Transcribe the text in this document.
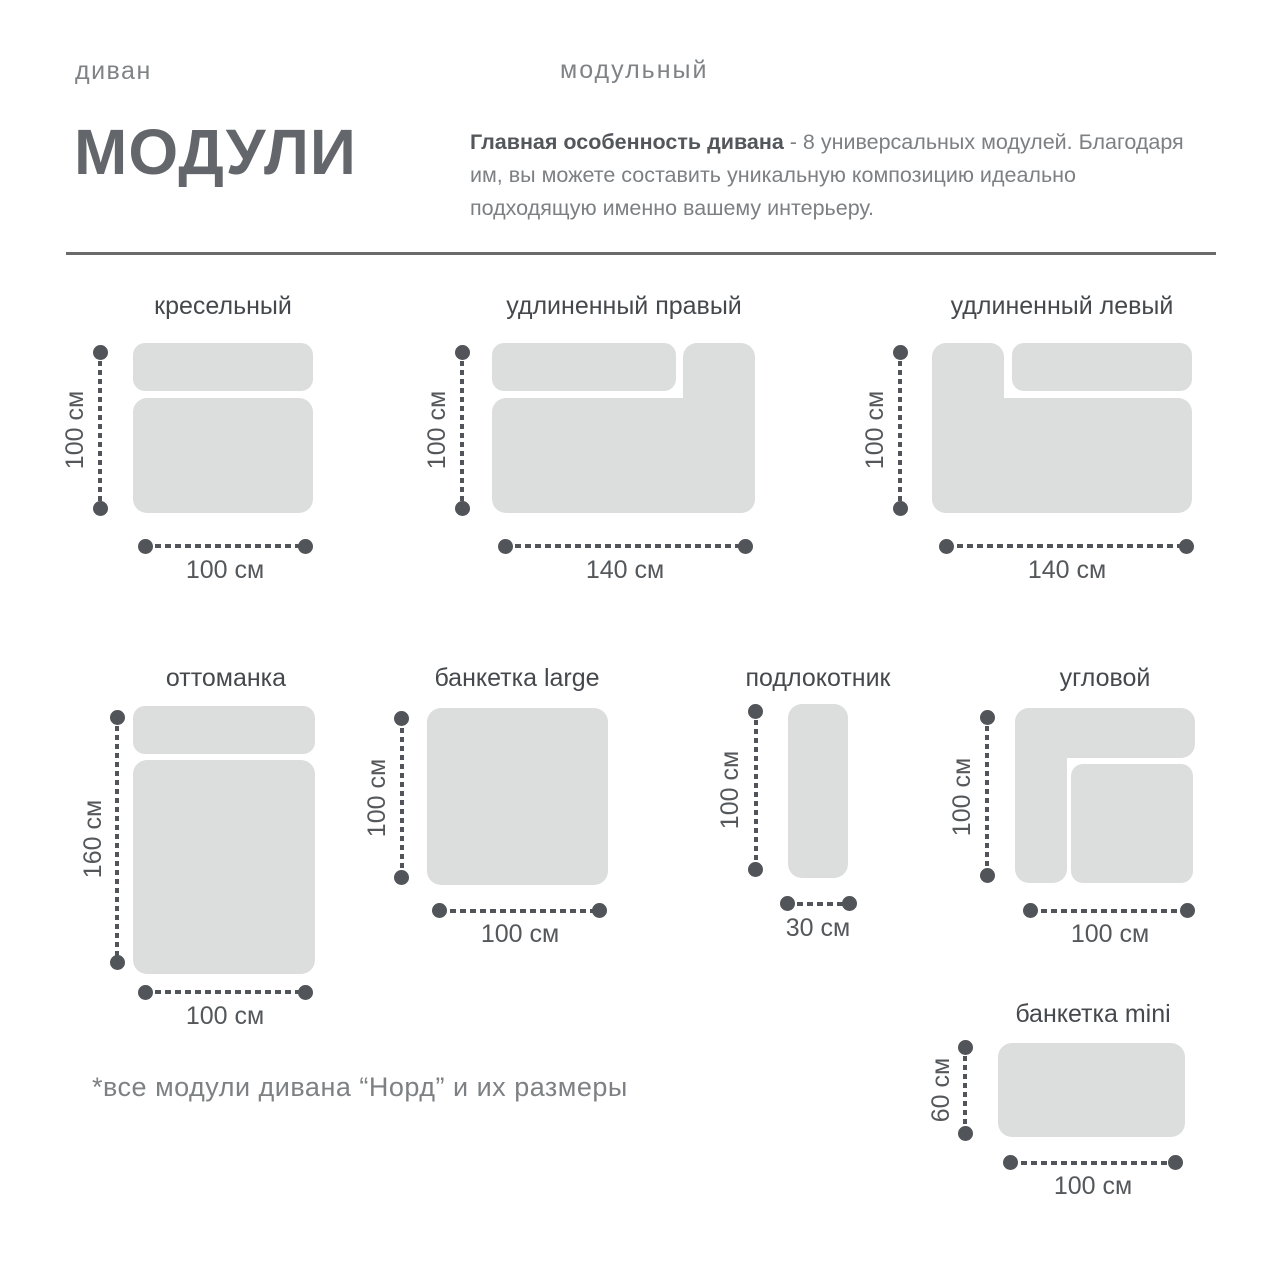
диван	модульный
МОДУЛИ	Главная особенность дивана - 8 универсальных модулей. Благодаря
им, вы можете составить уникальную композицию идеально
подходящую именно вашему интерьеру.
кресельный
100 см
100 см
удлиненный правый
100 см
140 см
удлиненный левый
100 см
140 см
оттоманка
160 см
100 см
банкетка large
100 см
100 см
подлокотник
100 см
30 см
угловой
100 см
100 см
банкетка mini
60 см
100 см
*все модули дивана “Норд” и их размеры
